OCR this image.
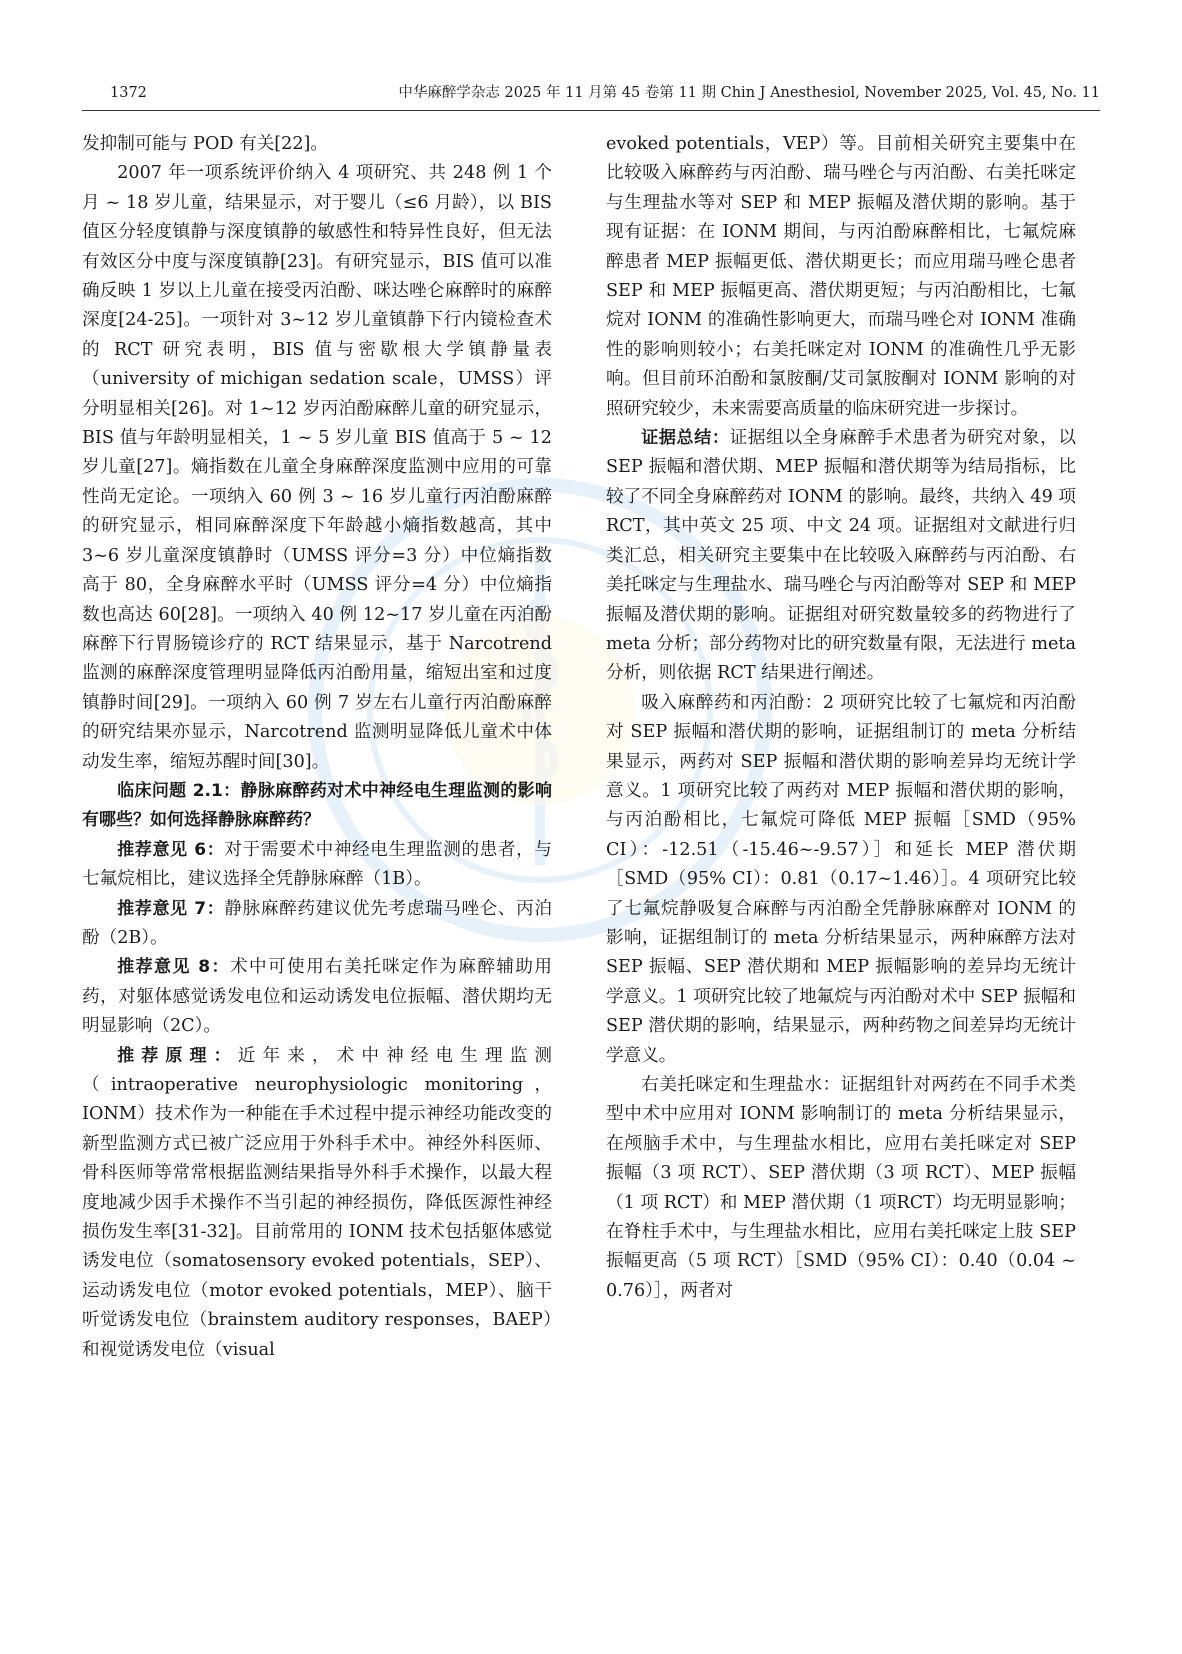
1372	中华麻醉学杂志 2025 年 11 月第 45 卷第 11 期 Chin J Anesthesiol, November 2025, Vol. 45, No. 11

发抑制可能与 POD 有关[22]。

2007 年一项系统评价纳入 4 项研究、共 248 例 1 个月 ~ 18 岁儿童，结果显示，对于婴儿（≤6 月龄），以 BIS 值区分轻度镇静与深度镇静的敏感性和特异性良好，但无法有效区分中度与深度镇静[23]。有研究显示，BIS 值可以准确反映 1 岁以上儿童在接受丙泊酚、咪达唑仑麻醉时的麻醉深度[24-25]。一项针对 3~12 岁儿童镇静下行内镜检查术的 RCT 研究表明，BIS 值与密歇根大学镇静量表（university of michigan sedation scale，UMSS）评分明显相关[26]。对 1~12 岁丙泊酚麻醉儿童的研究显示，BIS 值与年龄明显相关，1 ~ 5 岁儿童 BIS 值高于 5 ~ 12 岁儿童[27]。熵指数在儿童全身麻醉深度监测中应用的可靠性尚无定论。一项纳入 60 例 3 ~ 16 岁儿童行丙泊酚麻醉的研究显示，相同麻醉深度下年龄越小熵指数越高，其中 3~6 岁儿童深度镇静时（UMSS 评分=3 分）中位熵指数高于 80，全身麻醉水平时（UMSS 评分=4 分）中位熵指数也高达 60[28]。一项纳入 40 例 12~17 岁儿童在丙泊酚麻醉下行胃肠镜诊疗的 RCT 结果显示，基于 Narcotrend 监测的麻醉深度管理明显降低丙泊酚用量，缩短出室和过度镇静时间[29]。一项纳入 60 例 7 岁左右儿童行丙泊酚麻醉的研究结果亦显示，Narcotrend 监测明显降低儿童术中体动发生率，缩短苏醒时间[30]。

临床问题 2.1：静脉麻醉药对术中神经电生理监测的影响有哪些？如何选择静脉麻醉药？

推荐意见 6：对于需要术中神经电生理监测的患者，与七氟烷相比，建议选择全凭静脉麻醉（1B）。

推荐意见 7：静脉麻醉药建议优先考虑瑞马唑仑、丙泊酚（2B）。

推荐意见 8：术中可使用右美托咪定作为麻醉辅助用药，对躯体感觉诱发电位和运动诱发电位振幅、潜伏期均无明显影响（2C）。

推荐原理：近年来，术中神经电生理监测（intraoperative neurophysiologic monitoring，IONM）技术作为一种能在手术过程中提示神经功能改变的新型监测方式已被广泛应用于外科手术中。神经外科医师、骨科医师等常常根据监测结果指导外科手术操作，以最大程度地减少因手术操作不当引起的神经损伤，降低医源性神经损伤发生率[31-32]。目前常用的 IONM 技术包括躯体感觉诱发电位（somatosensory evoked potentials，SEP）、运动诱发电位（motor evoked potentials，MEP）、脑干听觉诱发电位（brainstem auditory responses，BAEP）和视觉诱发电位（visual

evoked potentials，VEP）等。目前相关研究主要集中在比较吸入麻醉药与丙泊酚、瑞马唑仑与丙泊酚、右美托咪定与生理盐水等对 SEP 和 MEP 振幅及潜伏期的影响。基于现有证据：在 IONM 期间，与丙泊酚麻醉相比，七氟烷麻醉患者 MEP 振幅更低、潜伏期更长；而应用瑞马唑仑患者 SEP 和 MEP 振幅更高、潜伏期更短；与丙泊酚相比，七氟烷对 IONM 的准确性影响更大，而瑞马唑仑对 IONM 准确性的影响则较小；右美托咪定对 IONM 的准确性几乎无影响。但目前环泊酚和氯胺酮/艾司氯胺酮对 IONM 影响的对照研究较少，未来需要高质量的临床研究进一步探讨。

证据总结：证据组以全身麻醉手术患者为研究对象，以 SEP 振幅和潜伏期、MEP 振幅和潜伏期等为结局指标，比较了不同全身麻醉药对 IONM 的影响。最终，共纳入 49 项 RCT，其中英文 25 项、中文 24 项。证据组对文献进行归类汇总，相关研究主要集中在比较吸入麻醉药与丙泊酚、右美托咪定与生理盐水、瑞马唑仑与丙泊酚等对 SEP 和 MEP 振幅及潜伏期的影响。证据组对研究数量较多的药物进行了 meta 分析；部分药物对比的研究数量有限，无法进行 meta 分析，则依据 RCT 结果进行阐述。

吸入麻醉药和丙泊酚：2 项研究比较了七氟烷和丙泊酚对 SEP 振幅和潜伏期的影响，证据组制订的 meta 分析结果显示，两药对 SEP 振幅和潜伏期的影响差异均无统计学意义。1 项研究比较了两药对 MEP 振幅和潜伏期的影响，与丙泊酚相比，七氟烷可降低 MEP 振幅［SMD（95% CI）：-12.51（-15.46~-9.57）］和延长 MEP 潜伏期［SMD（95% CI）：0.81（0.17~1.46）］。4 项研究比较了七氟烷静吸复合麻醉与丙泊酚全凭静脉麻醉对 IONM 的影响，证据组制订的 meta 分析结果显示，两种麻醉方法对 SEP 振幅、SEP 潜伏期和 MEP 振幅影响的差异均无统计学意义。1 项研究比较了地氟烷与丙泊酚对术中 SEP 振幅和 SEP 潜伏期的影响，结果显示，两种药物之间差异均无统计学意义。

右美托咪定和生理盐水：证据组针对两药在不同手术类型中术中应用对 IONM 影响制订的 meta 分析结果显示，在颅脑手术中，与生理盐水相比，应用右美托咪定对 SEP 振幅（3 项 RCT）、SEP 潜伏期（3 项 RCT）、MEP 振幅（1 项 RCT）和 MEP 潜伏期（1 项RCT）均无明显影响；在脊柱手术中，与生理盐水相比，应用右美托咪定上肢 SEP 振幅更高（5 项 RCT）［SMD（95% CI）：0.40（0.04 ~ 0.76）］，两者对
